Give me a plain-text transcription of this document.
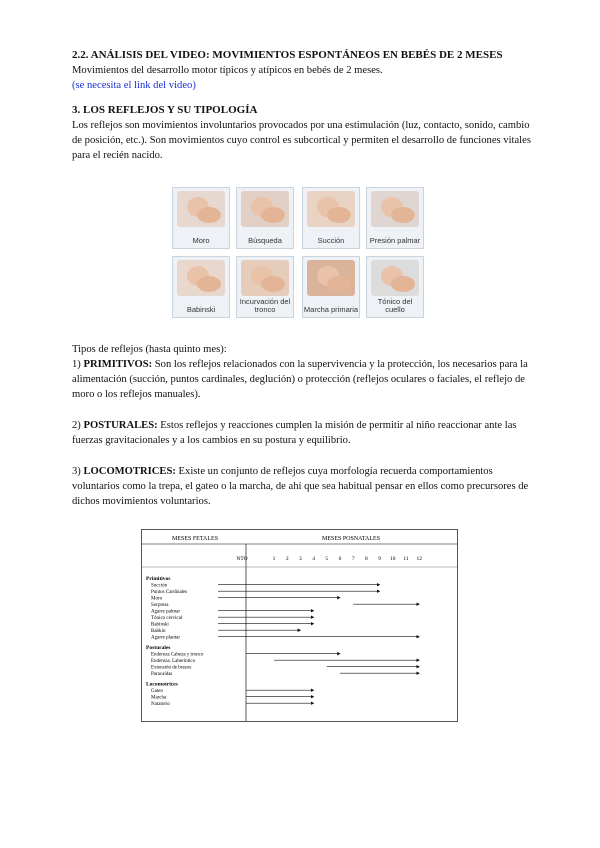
2.2. ANÁLISIS DEL VIDEO: MOVIMIENTOS ESPONTÁNEOS EN BEBÉS DE 2 MESES

Movimientos del desarrollo motor típicos y atípicos en bebés de 2 meses.

(se necesita el link del video)

3. LOS REFLEJOS Y SU TIPOLOGÍA

Los reflejos son movimientos involuntarios provocados por una estimulación (luz, contacto, sonido, cambio de posición, etc.). Son movimientos cuyo control es subcortical y permiten el desarrollo de funciones vitales para el recién nacido.

Moro	Búsqueda	Succión	Presión palmar
Babinski
Incurvación del tronco	Marcha primaria
Tónico del cuello

Tipos de reflejos (hasta quinto mes):

1) PRIMITIVOS: Son los reflejos relacionados con la supervivencia y la protección, los necesarios para la alimentación (succión, puntos cardinales, deglución) o protección (reflejos oculares o faciales, el reflejo de moro o los reflejos manuales).

2) POSTURALES: Estos reflejos y reacciones cumplen la misión de permitir al niño reaccionar ante las fuerzas gravitacionales y a los cambios en su postura y equilibrio.

3) LOCOMOTRICES: Existe un conjunto de reflejos cuya morfología recuerda comportamientos voluntarios como la trepa, el gateo o la marcha, de ahí que sea habitual pensar en ellos como precursores de dichos movimientos voluntarios.

MESES FETALES	MESES POSNATALES
NTO	1 2 3 4 5 6 7 8 9 10 11 12
Primitivos
Succión
Puntos Cardinales
Moro
Sorpresa
Agarre palmar
Tónico cervical
Babinski
Babkin
Agarre plantar
Posturales
Endereza Cabeza y tronco
Endereza. Laberíntico
Extensión de brazos
Paracaídas
Locomotrices
Gateo
Marcha
Natatorio
